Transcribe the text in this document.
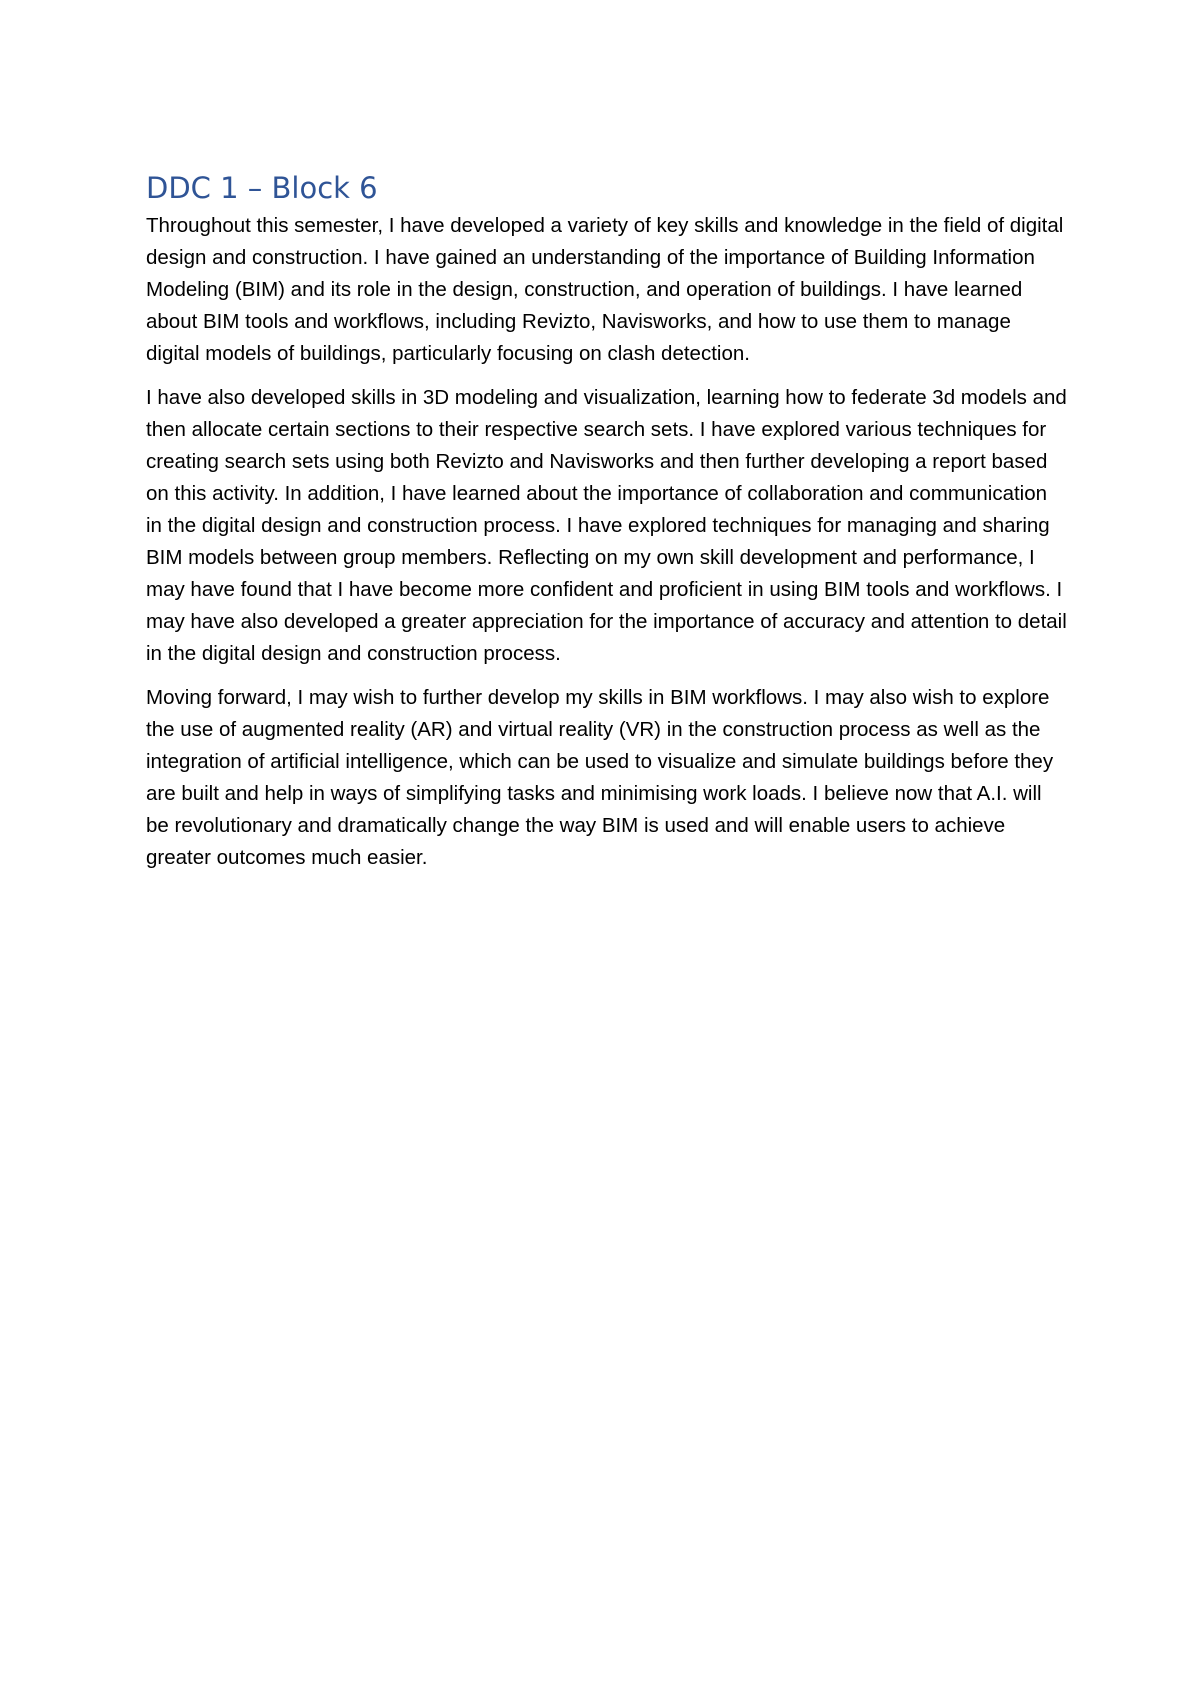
DDC 1 – Block 6

Throughout this semester, I have developed a variety of key skills and knowledge in the field of digital design and construction. I have gained an understanding of the importance of Building Information Modeling (BIM) and its role in the design, construction, and operation of buildings. I have learned about BIM tools and workflows, including Revizto, Navisworks, and how to use them to manage digital models of buildings, particularly focusing on clash detection.

I have also developed skills in 3D modeling and visualization, learning how to federate 3d models and then allocate certain sections to their respective search sets. I have explored various techniques for creating search sets using both Revizto and Navisworks and then further developing a report based on this activity. In addition, I have learned about the importance of collaboration and communication in the digital design and construction process. I have explored techniques for managing and sharing BIM models between group members. Reflecting on my own skill development and performance, I may have found that I have become more confident and proficient in using BIM tools and workflows. I may have also developed a greater appreciation for the importance of accuracy and attention to detail in the digital design and construction process.

Moving forward, I may wish to further develop my skills in BIM workflows. I may also wish to explore the use of augmented reality (AR) and virtual reality (VR) in the construction process as well as the integration of artificial intelligence, which can be used to visualize and simulate buildings before they are built and help in ways of simplifying tasks and minimising work loads. I believe now that A.I. will be revolutionary and dramatically change the way BIM is used and will enable users to achieve greater outcomes much easier.
